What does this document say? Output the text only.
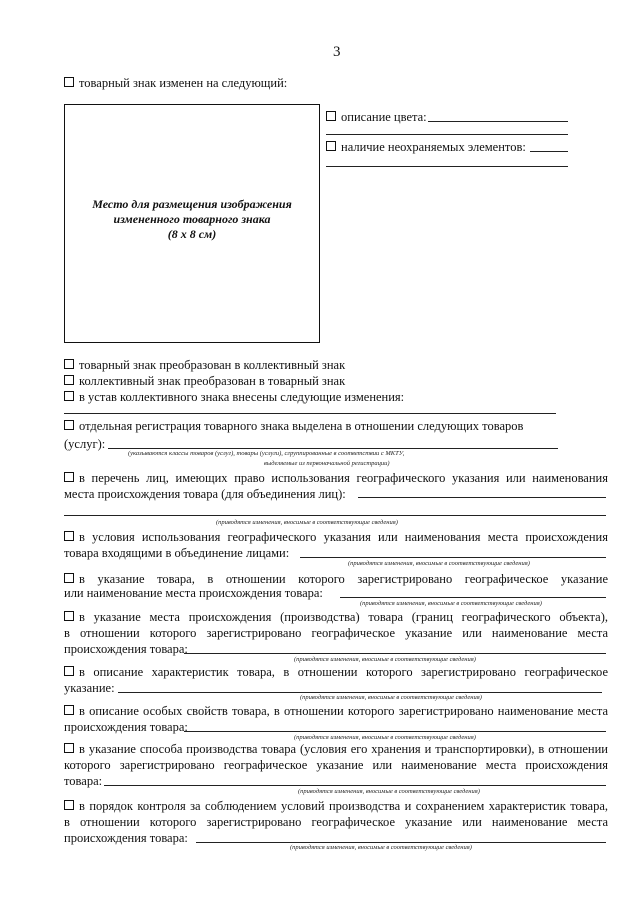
3
товарный знак изменен на следующий:
Место для размещения изображения
измененного товарного знака
(8 х 8 см)
описание цвета:
наличие неохраняемых элементов:
товарный знак преобразован в коллективный знак
коллективный знак преобразован в товарный знак
в устав коллективного знака внесены следующие изменения:
отдельная регистрация товарного знака выделена в отношении следующих товаров
(услуг):
(указываются классы товаров (услуг), товары (услуги), сгруппированные в соответствии с МКТУ,
выделяемые из первоначальной регистрации)
в перечень лиц, имеющих право использования географического указания или наименования
места происхождения товара (для объединения лиц):
(приводятся изменения, вносимые в соответствующие сведения)
в условия использования географического указания или наименования места происхождения
товара входящими в объединение лицами:
(приводятся изменения, вносимые в соответствующие сведения)
в указание товара, в отношении которого зарегистрировано географическое указание
или наименование места происхождения товара:
(приводятся изменения, вносимые в соответствующие сведения)
в указание места происхождения (производства) товара (границ географического объекта),
в отношении которого зарегистрировано географическое указание или наименование места
происхождения товара:
(приводятся изменения, вносимые в соответствующие сведения)
в описание характеристик товара, в отношении которого зарегистрировано географическое
указание:
(приводятся изменения, вносимые в соответствующие сведения)
в описание особых свойств товара, в отношении которого зарегистрировано наименование места
происхождения товара:
(приводятся изменения, вносимые в соответствующие сведения)
в указание способа производства товара (условия его хранения и транспортировки), в отношении
которого зарегистрировано географическое указание или наименование места происхождения
товара:
(приводятся изменения, вносимые в соответствующие сведения)
в порядок контроля за соблюдением условий производства и сохранением характеристик товара,
в отношении которого зарегистрировано географическое указание или наименование места
происхождения товара:
(приводятся изменения, вносимые в соответствующие сведения)
